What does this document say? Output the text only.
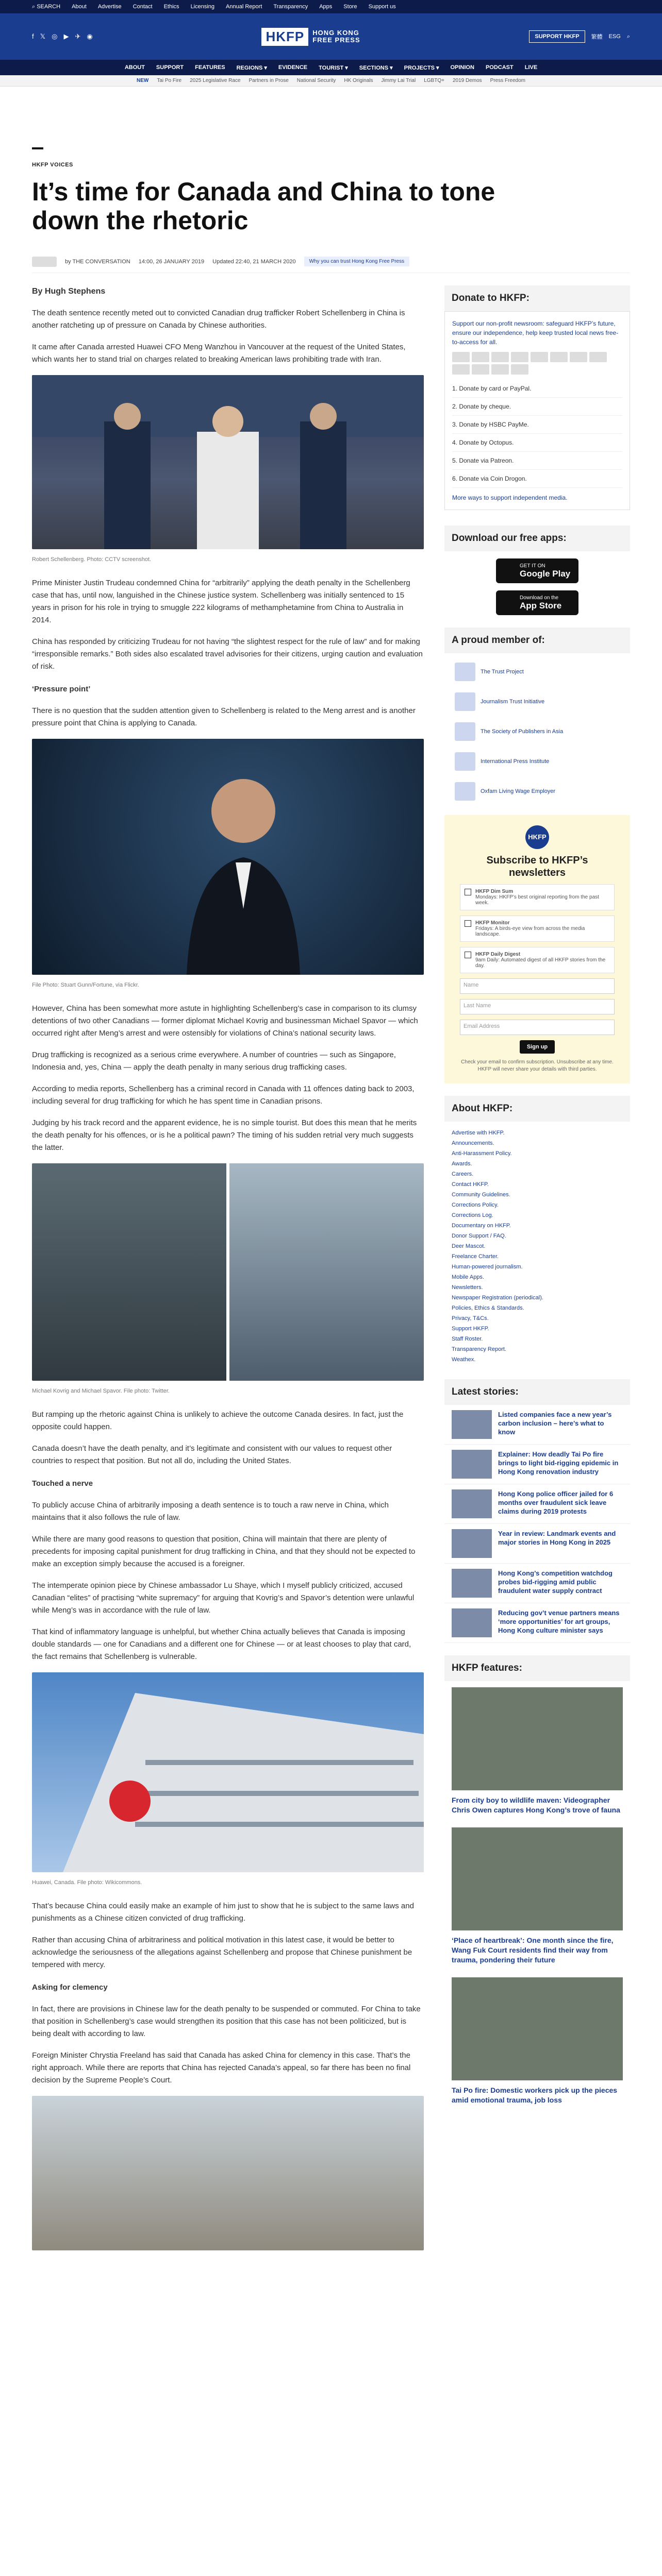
⌕ SEARCH About Advertise Contact Ethics Licensing Annual Report Transparency Apps Store Support us
f 𝕏 ◎ ▶ ✈ ◉	HKFP	HONG KONG
FREE PRESS	SUPPORT HKFP	繁體 ESG ⌕
ABOUT SUPPORT FEATURES REGIONS ▾ EVIDENCE TOURIST ▾ SECTIONS ▾ PROJECTS ▾ OPINION PODCAST LIVE
NEW Tai Po Fire 2025 Legislative Race Partners in Prose National Security HK Originals Jimmy Lai Trial LGBTQ+ 2019 Demos Press Freedom
HKFP VOICES
It’s time for Canada and China to tone down the rhetoric
by THE CONVERSATION 14:00, 26 JANUARY 2019 Updated 22:40, 21 MARCH 2020	Why you can trust Hong Kong Free Press

By Hugh Stephens

The death sentence recently meted out to convicted Canadian drug trafficker Robert Schellenberg in China is another ratcheting up of pressure on Canada by Chinese authorities.

It came after Canada arrested Huawei CFO Meng Wanzhou in Vancouver at the request of the United States, which wants her to stand trial on charges related to breaking American laws prohibiting trade with Iran.

Robert Schellenberg. Photo: CCTV screenshot.

Prime Minister Justin Trudeau condemned China for “arbitrarily” applying the death penalty in the Schellenberg case that has, until now, languished in the Chinese justice system. Schellenberg was initially sentenced to 15 years in prison for his role in trying to smuggle 222 kilograms of methamphetamine from China to Australia in 2014.

China has responded by criticizing Trudeau for not having “the slightest respect for the rule of law” and for making “irresponsible remarks.” Both sides also escalated travel advisories for their citizens, urging caution and evaluation of risk.

‘Pressure point’

There is no question that the sudden attention given to Schellenberg is related to the Meng arrest and is another pressure point that China is applying to Canada.

File Photo: Stuart Gunn/Fortune, via Flickr.

However, China has been somewhat more astute in highlighting Schellenberg’s case in comparison to its clumsy detentions of two other Canadians — former diplomat Michael Kovrig and businessman Michael Spavor — which occurred right after Meng’s arrest and were ostensibly for violations of China’s national security laws.

Drug trafficking is recognized as a serious crime everywhere. A number of countries — such as Singapore, Indonesia and, yes, China — apply the death penalty in many serious drug trafficking cases.

According to media reports, Schellenberg has a criminal record in Canada with 11 offences dating back to 2003, including several for drug trafficking for which he has spent time in Canadian prisons.

Judging by his track record and the apparent evidence, he is no simple tourist. But does this mean that he merits the death penalty for his offences, or is he a political pawn? The timing of his sudden retrial very much suggests the latter.

Michael Kovrig and Michael Spavor. File photo: Twitter.

But ramping up the rhetoric against China is unlikely to achieve the outcome Canada desires. In fact, just the opposite could happen.

Canada doesn’t have the death penalty, and it’s legitimate and consistent with our values to request other countries to respect that position. But not all do, including the United States.

Touched a nerve

To publicly accuse China of arbitrarily imposing a death sentence is to touch a raw nerve in China, which maintains that it also follows the rule of law.

While there are many good reasons to question that position, China will maintain that there are plenty of precedents for imposing capital punishment for drug trafficking in China, and that they should not be expected to make an exception simply because the accused is a foreigner.

The intemperate opinion piece by Chinese ambassador Lu Shaye, which I myself publicly criticized, accused Canadian “elites” of practising “white supremacy” for arguing that Kovrig’s and Spavor’s detention were unlawful while Meng’s was in accordance with the rule of law.

That kind of inflammatory language is unhelpful, but whether China actually believes that Canada is imposing double standards — one for Canadians and a different one for Chinese — or at least chooses to play that card, the fact remains that Schellenberg is vulnerable.

Huawei, Canada. File photo: Wikicommons.

That’s because China could easily make an example of him just to show that he is subject to the same laws and punishments as a Chinese citizen convicted of drug trafficking.

Rather than accusing China of arbitrariness and political motivation in this latest case, it would be better to acknowledge the seriousness of the allegations against Schellenberg and propose that Chinese punishment be tempered with mercy.

Asking for clemency

In fact, there are provisions in Chinese law for the death penalty to be suspended or commuted. For China to take that position in Schellenberg’s case would strengthen its position that this case has not been politicized, but is being dealt with according to law.

Foreign Minister Chrystia Freeland has said that Canada has asked China for clemency in this case. That’s the right approach. While there are reports that China has rejected Canada’s appeal, so far there has been no final decision by the Supreme People’s Court.

Donate to HKFP:
Support our non-profit newsroom: safeguard HKFP’s future, ensure our independence, help keep trusted local news free-to-access for all.
1. Donate by card or PayPal.
2. Donate by cheque.
3. Donate by HSBC PayMe.
4. Donate by Octopus.
5. Donate via Patreon.
6. Donate via Coin Drogon.
More ways to support independent media.
Download our free apps:
GET IT ON
Google Play
Download on the
App Store
A proud member of:
The Trust Project
Journalism Trust Initiative
The Society of Publishers in Asia
International Press Institute
Oxfam Living Wage Employer
HKFP
Subscribe to HKFP’s newsletters
HKFP Dim Sum
Mondays: HKFP’s best original reporting from the past week.
HKFP Monitor
Fridays: A birds-eye view from across the media landscape.
HKFP Daily Digest
9am Daily: Automated digest of all HKFP stories from the day.
Name
Last Name
Email Address
Sign up
Check your email to confirm subscription. Unsubscribe at any time. HKFP will never share your details with third parties.
About HKFP:
Advertise with HKFP.
Announcements.
Anti-Harassment Policy.
Awards.
Careers.
Contact HKFP.
Community Guidelines.
Corrections Policy.
Corrections Log.
Documentary on HKFP.
Donor Support / FAQ.
Deer Mascot.
Freelance Charter.
Human-powered journalism.
Mobile Apps.
Newsletters.
Newspaper Registration (periodical).
Policies, Ethics & Standards.
Privacy, T&Cs.
Support HKFP.
Staff Roster.
Transparency Report.
Weathex.
Latest stories:
Listed companies face a new year’s carbon inclusion – here’s what to know
Explainer: How deadly Tai Po fire brings to light bid-rigging epidemic in Hong Kong renovation industry
Hong Kong police officer jailed for 6 months over fraudulent sick leave claims during 2019 protests
Year in review: Landmark events and major stories in Hong Kong in 2025
Hong Kong’s competition watchdog probes bid-rigging amid public fraudulent water supply contract
Reducing gov’t venue partners means ‘more opportunities’ for art groups, Hong Kong culture minister says
HKFP features:
From city boy to wildlife maven: Videographer Chris Owen captures Hong Kong’s trove of fauna
‘Place of heartbreak’: One month since the fire, Wang Fuk Court residents find their way from trauma, pondering their future
Tai Po fire: Domestic workers pick up the pieces amid emotional trauma, job loss
